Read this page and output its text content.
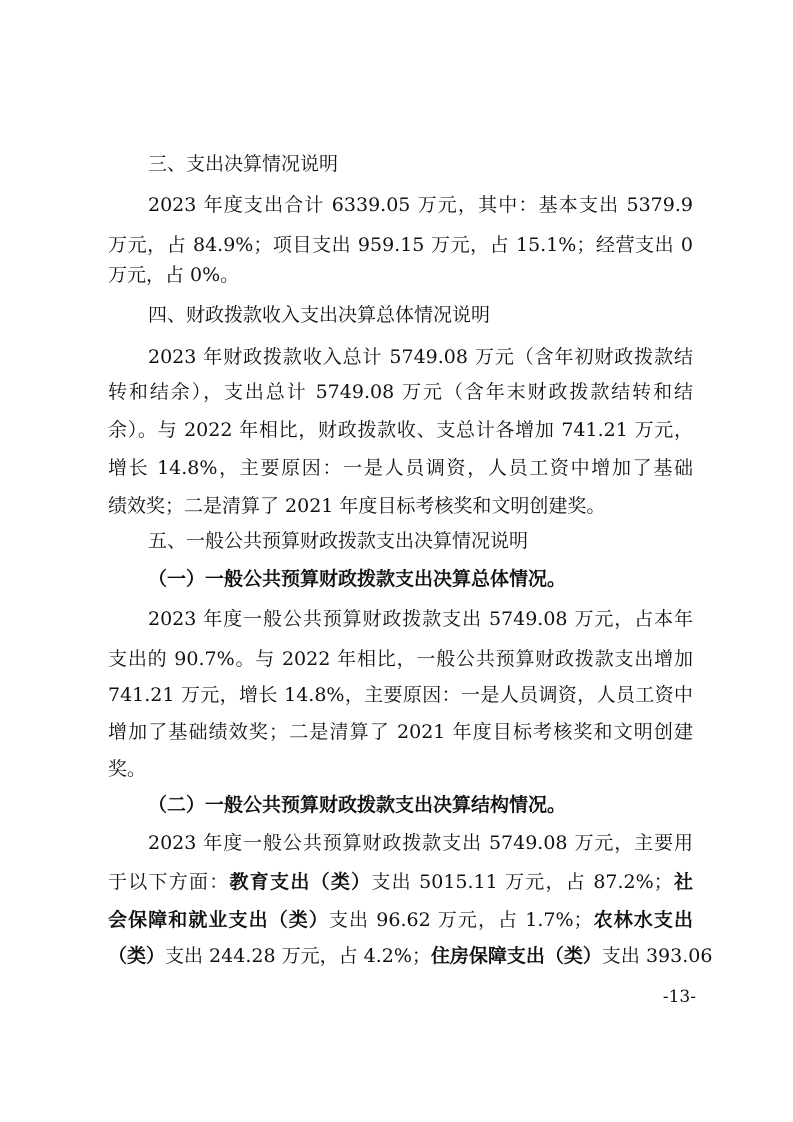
三、支出决算情况说明
2023 年度支出合计 6339.05 万元，其中：基本支出 5379.9
万元，占 84.9%；项目支出 959.15 万元，占 15.1%；经营支出 0
万元，占 0%。
四、财政拨款收入支出决算总体情况说明
2023 年财政拨款收入总计 5749.08 万元（含年初财政拨款结
转和结余），支出总计 5749.08 万元（含年末财政拨款结转和结
余）。与 2022 年相比，财政拨款收、支总计各增加 741.21 万元，
增长 14.8%，主要原因：一是人员调资，人员工资中增加了基础
绩效奖；二是清算了 2021 年度目标考核奖和文明创建奖。
五、一般公共预算财政拨款支出决算情况说明
（一）一般公共预算财政拨款支出决算总体情况。
2023 年度一般公共预算财政拨款支出 5749.08 万元，占本年
支出的 90.7%。与 2022 年相比，一般公共预算财政拨款支出增加
741.21 万元，增长 14.8%，主要原因：一是人员调资，人员工资中
增加了基础绩效奖；二是清算了 2021 年度目标考核奖和文明创建
奖。
（二）一般公共预算财政拨款支出决算结构情况。
2023 年度一般公共预算财政拨款支出 5749.08 万元，主要用
于以下方面：教育支出（类）支出 5015.11 万元，占 87.2%；社
会保障和就业支出（类）支出 96.62 万元，占 1.7%；农林水支出
（类）支出 244.28 万元，占 4.2%；住房保障支出（类）支出 393.06
-13-
